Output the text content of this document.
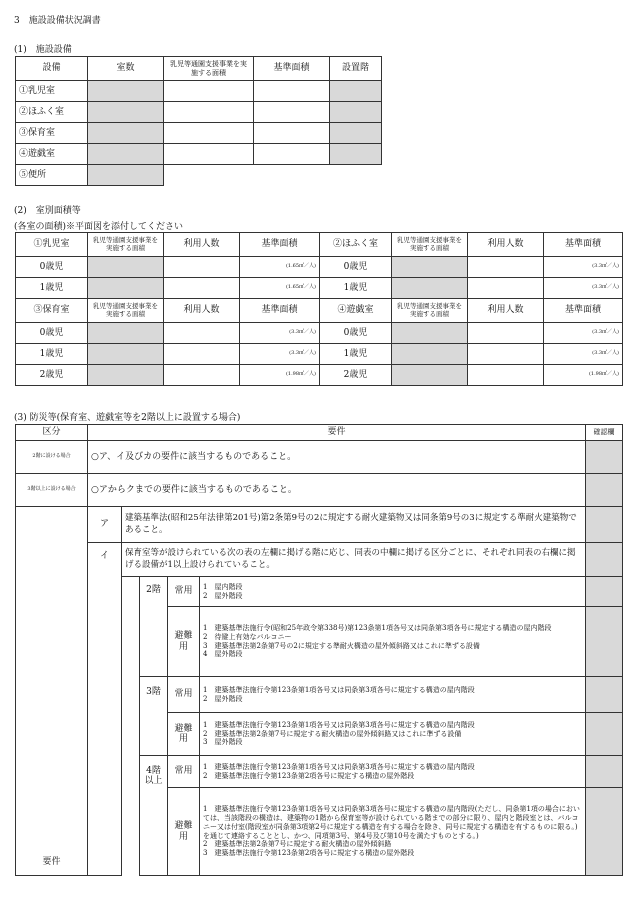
3　施設設備状況調書
(1)　施設設備
設備	室数	乳児等通園支援事業を実施する面積	基準面積	設置階
①乳児室				
②ほふく室				
③保育室				
④遊戯室				
⑤便所				
(2)　室別面積等
(各室の面積)※平面図を添付してください
①乳児室	乳児等通園支援事業を実施する面積	利用人数	基準面積	②ほふく室	乳児等通園支援事業を実施する面積	利用人数	基準面積
0歳児			(1.65㎡／人)	0歳児			(3.3㎡／人)
1歳児			(1.65㎡／人)	1歳児			(3.3㎡／人)
③保育室	乳児等通園支援事業を実施する面積	利用人数	基準面積	④遊戯室	乳児等通園支援事業を実施する面積	利用人数	基準面積
0歳児			(3.3㎡／人)	0歳児			(3.3㎡／人)
1歳児			(3.3㎡／人)	1歳児			(3.3㎡／人)
2歳児			(1.98㎡／人)	2歳児			(1.98㎡／人)
(3) 防災等(保育室、遊戯室等を2階以上に設置する場合)
区分	要件					確認欄
2階に設ける場合	○ア、イ及びカの要件に該当するものであること。					
3階以上に設ける場合	○アからクまでの要件に該当するものであること。					
要件	ア	建築基準法(昭和25年法律第201号)第2条第9号の2に規定する耐火建築物又は同条第9号の3に規定する準耐火建築物であること。				
	イ	保育室等が設けられている次の表の左欄に掲げる階に応じ、同表の中欄に掲げる区分ごとに、それぞれ同表の右欄に掲げる設備が1以上設けられていること。				
			2階	常用	1　屋内階段
2　屋外階段	

				避難用	1　建築基準法施行令(昭和25年政令第338号)第123条第1項各号又は同条第3項各号に規定する構造の屋内階段
2　待避上有効なバルコニー
3　建築基準法第2条第7号の2に規定する準耐火構造の屋外傾斜路又はこれに準ずる設備
4　屋外階段	

			3階	常用	1　建築基準法施行令第123条第1項各号又は同条第3項各号に規定する構造の屋内階段
2　屋外階段	

				避難用	1　建築基準法施行令第123条第1項各号又は同条第3項各号に規定する構造の屋内階段
2　建築基準法第2条第7号に規定する耐火構造の屋外傾斜路又はこれに準ずる設備
3　屋外階段	

			4階以上	常用	1　建築基準法施行令第123条第1項各号又は同条第3項各号に規定する構造の屋内階段
2　建築基準法施行令第123条第2項各号に規定する構造の屋外階段	

				避難用	1　建築基準法施行令第123条第1項各号又は同条第3項各号に規定する構造の屋内階段(ただし、同条第1項の場合においては、当該階段の構造は、建築物の1階から保育室等が設けられている階までの部分に限り、屋内と階段室とは、バルコニー又は付室(階段室が同条第3項第2号に規定する構造を有する場合を除き、同号に規定する構造を有するものに限る。)を通じて連絡することとし、かつ、同項第3号、第4号及び第10号を満たすものとする。)
2　建築基準法第2条第7号に規定する耐火構造の屋外傾斜路
3　建築基準法施行令第123条第2項各号に規定する構造の屋外階段	
